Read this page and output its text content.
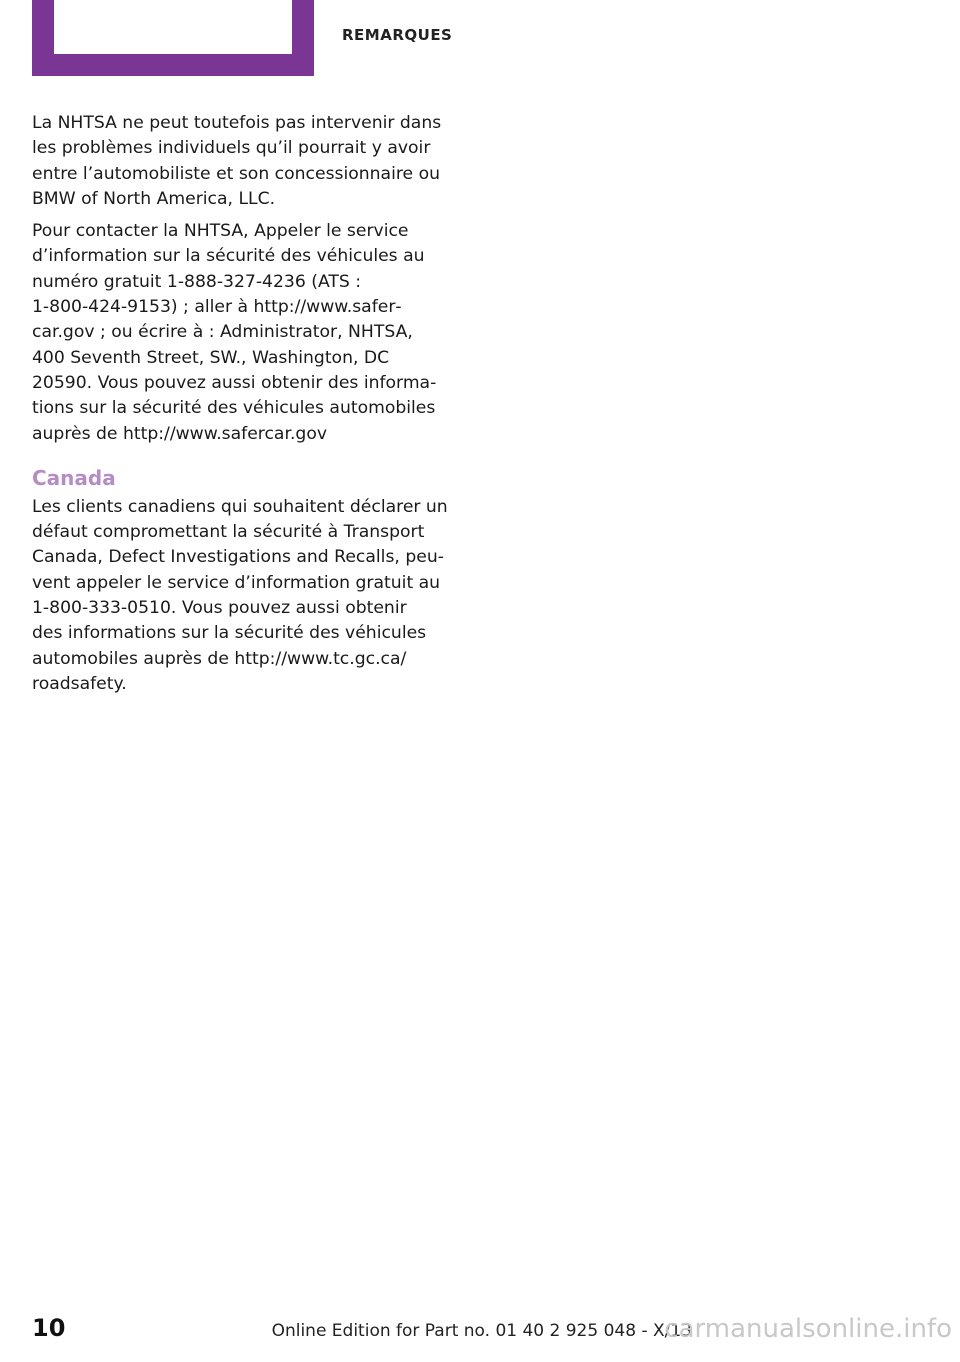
REMARQUES

La NHTSA ne peut toutefois pas intervenir dans
les problèmes individuels qu’il pourrait y avoir
entre l’automobiliste et son concessionnaire ou
BMW of North America, LLC.

Pour contacter la NHTSA, Appeler le service
d’information sur la sécurité des véhicules au
numéro gratuit 1-888-327-4236 (ATS :
1-800-424-9153) ; aller à http://www.safer‐
car.gov ; ou écrire à : Administrator, NHTSA,
400 Seventh Street, SW., Washington, DC
20590. Vous pouvez aussi obtenir des informa‐
tions sur la sécurité des véhicules automobiles
auprès de http://www.safercar.gov

Canada

Les clients canadiens qui souhaitent déclarer un
défaut compromettant la sécurité à Transport
Canada, Defect Investigations and Recalls, peu‐
vent appeler le service d’information gratuit au
1-800-333-0510. Vous pouvez aussi obtenir
des informations sur la sécurité des véhicules
automobiles auprès de http://www.tc.gc.ca/
roadsafety.

10	Online Edition for Part no. 01 40 2 925 048 - X/13
carmanualsonline.info
